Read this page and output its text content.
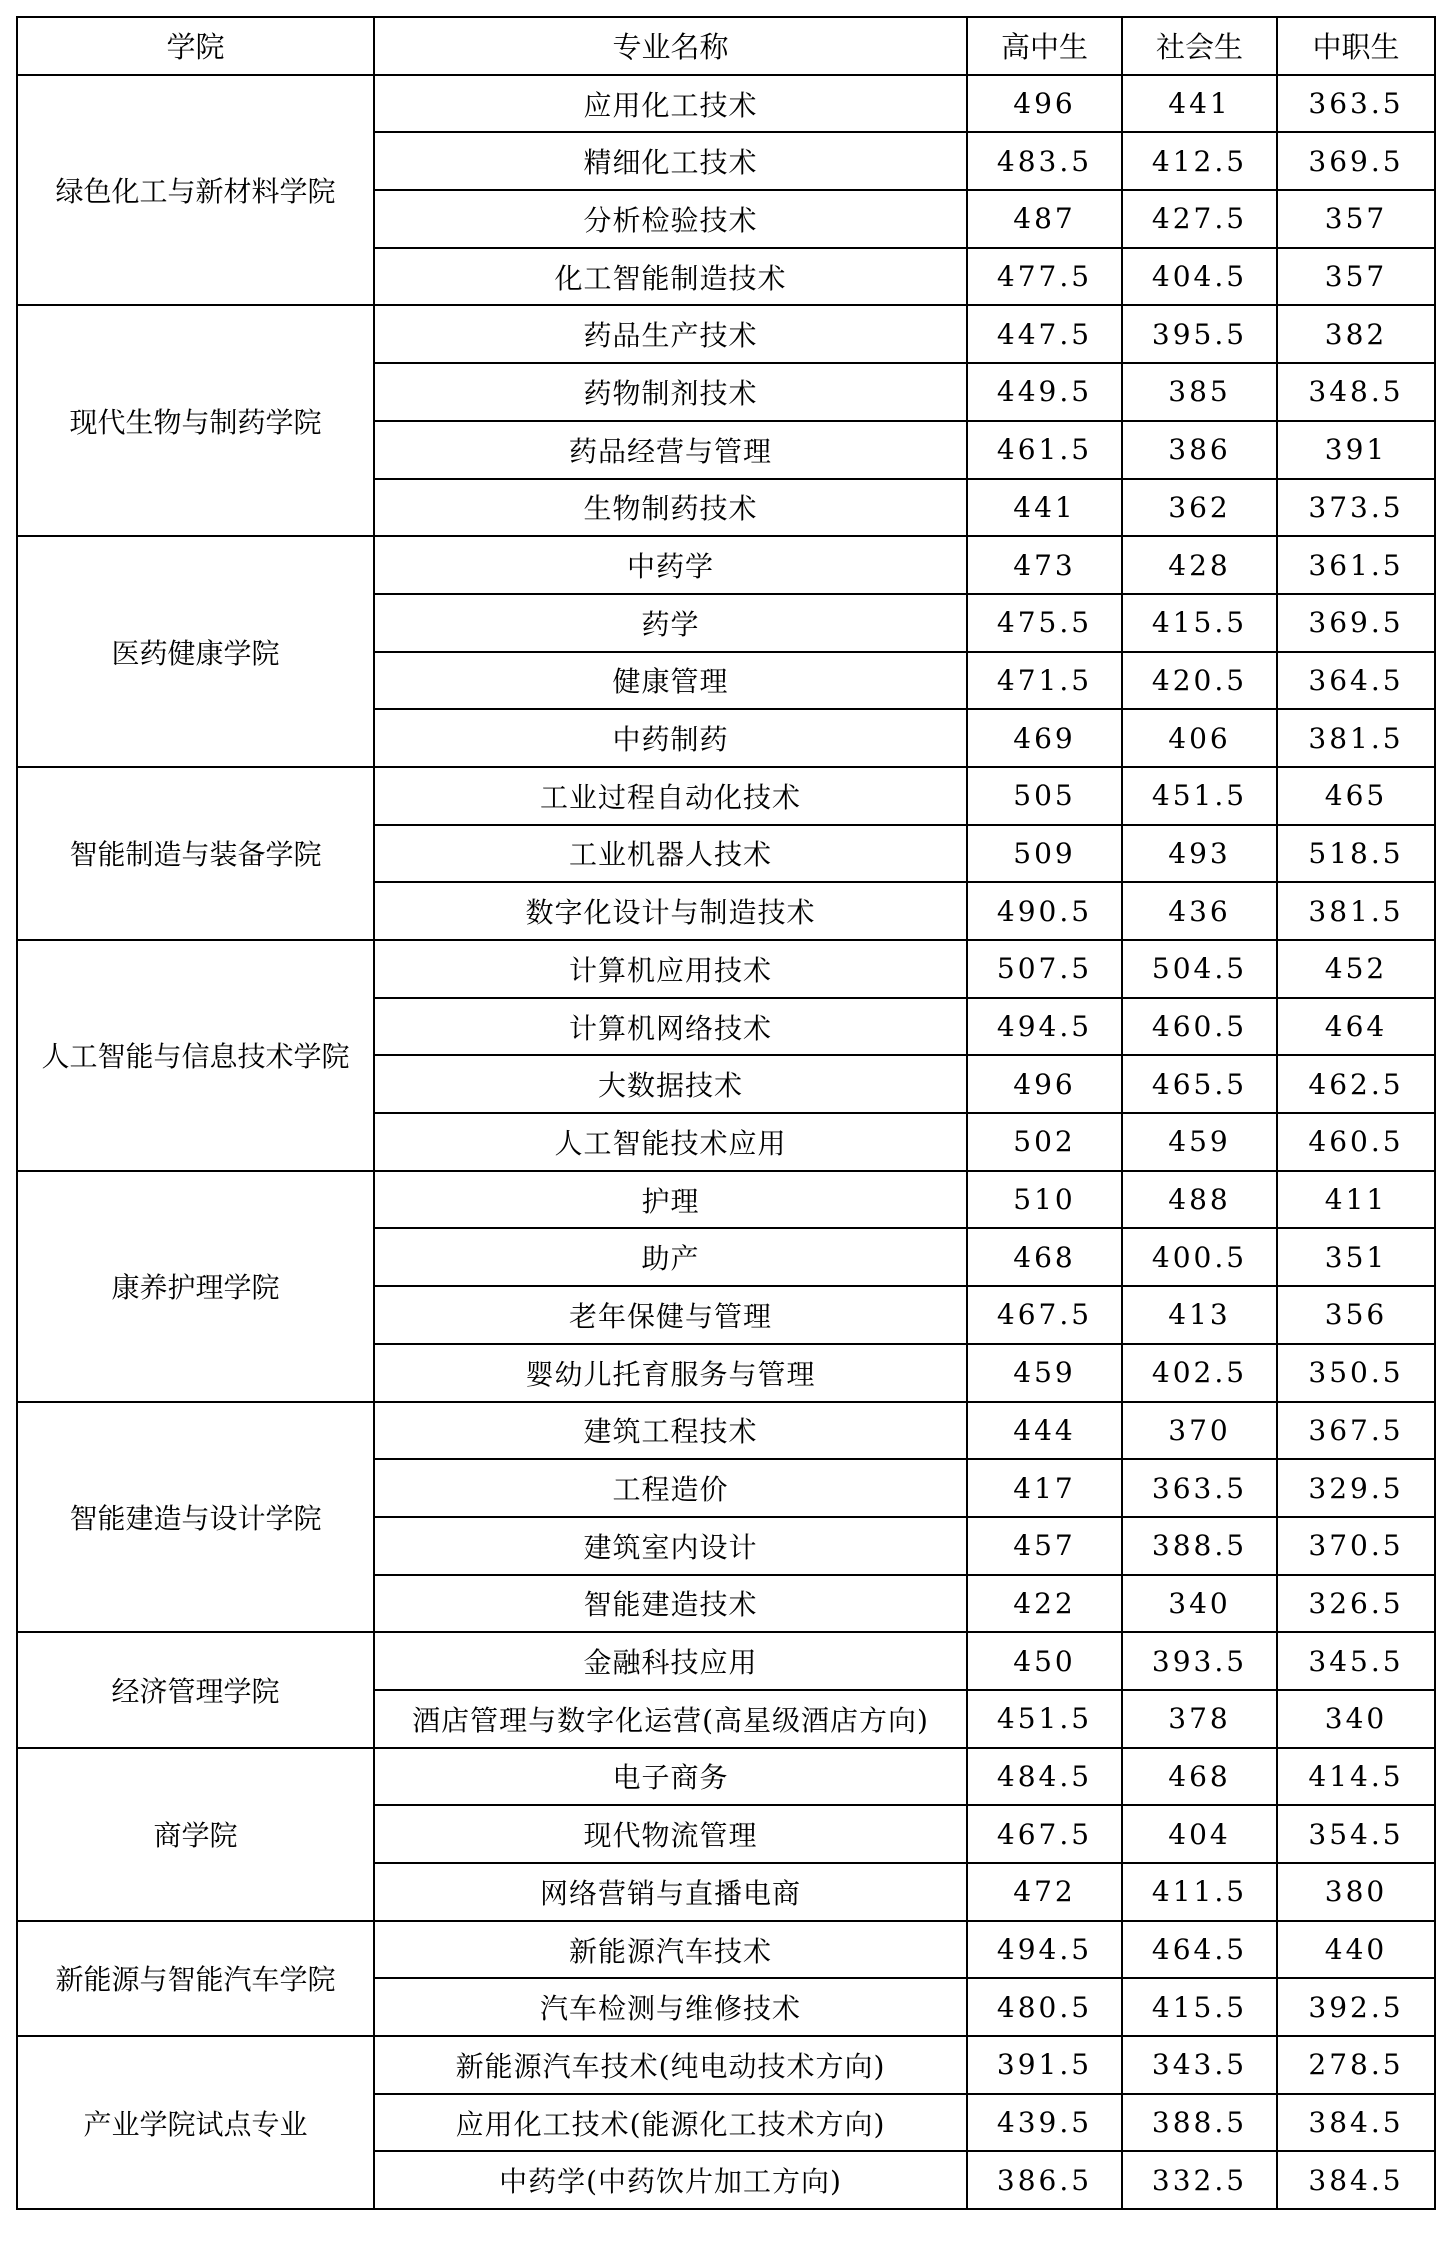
学院	专业名称	高中生	社会生	中职生
绿色化工与新材料学院	应用化工技术	496	441	363.5
	精细化工技术	483.5	412.5	369.5
	分析检验技术	487	427.5	357
	化工智能制造技术	477.5	404.5	357
现代生物与制药学院	药品生产技术	447.5	395.5	382
	药物制剂技术	449.5	385	348.5
	药品经营与管理	461.5	386	391
	生物制药技术	441	362	373.5
医药健康学院	中药学	473	428	361.5
	药学	475.5	415.5	369.5
	健康管理	471.5	420.5	364.5
	中药制药	469	406	381.5
智能制造与装备学院	工业过程自动化技术	505	451.5	465
	工业机器人技术	509	493	518.5
	数字化设计与制造技术	490.5	436	381.5
人工智能与信息技术学院	计算机应用技术	507.5	504.5	452
	计算机网络技术	494.5	460.5	464
	大数据技术	496	465.5	462.5
	人工智能技术应用	502	459	460.5
康养护理学院	护理	510	488	411
	助产	468	400.5	351
	老年保健与管理	467.5	413	356
	婴幼儿托育服务与管理	459	402.5	350.5
智能建造与设计学院	建筑工程技术	444	370	367.5
	工程造价	417	363.5	329.5
	建筑室内设计	457	388.5	370.5
	智能建造技术	422	340	326.5
经济管理学院	金融科技应用	450	393.5	345.5
	酒店管理与数字化运营(高星级酒店方向)	451.5	378	340
商学院	电子商务	484.5	468	414.5
	现代物流管理	467.5	404	354.5
	网络营销与直播电商	472	411.5	380
新能源与智能汽车学院	新能源汽车技术	494.5	464.5	440
	汽车检测与维修技术	480.5	415.5	392.5
产业学院试点专业	新能源汽车技术(纯电动技术方向)	391.5	343.5	278.5
	应用化工技术(能源化工技术方向)	439.5	388.5	384.5
	中药学(中药饮片加工方向)	386.5	332.5	384.5
